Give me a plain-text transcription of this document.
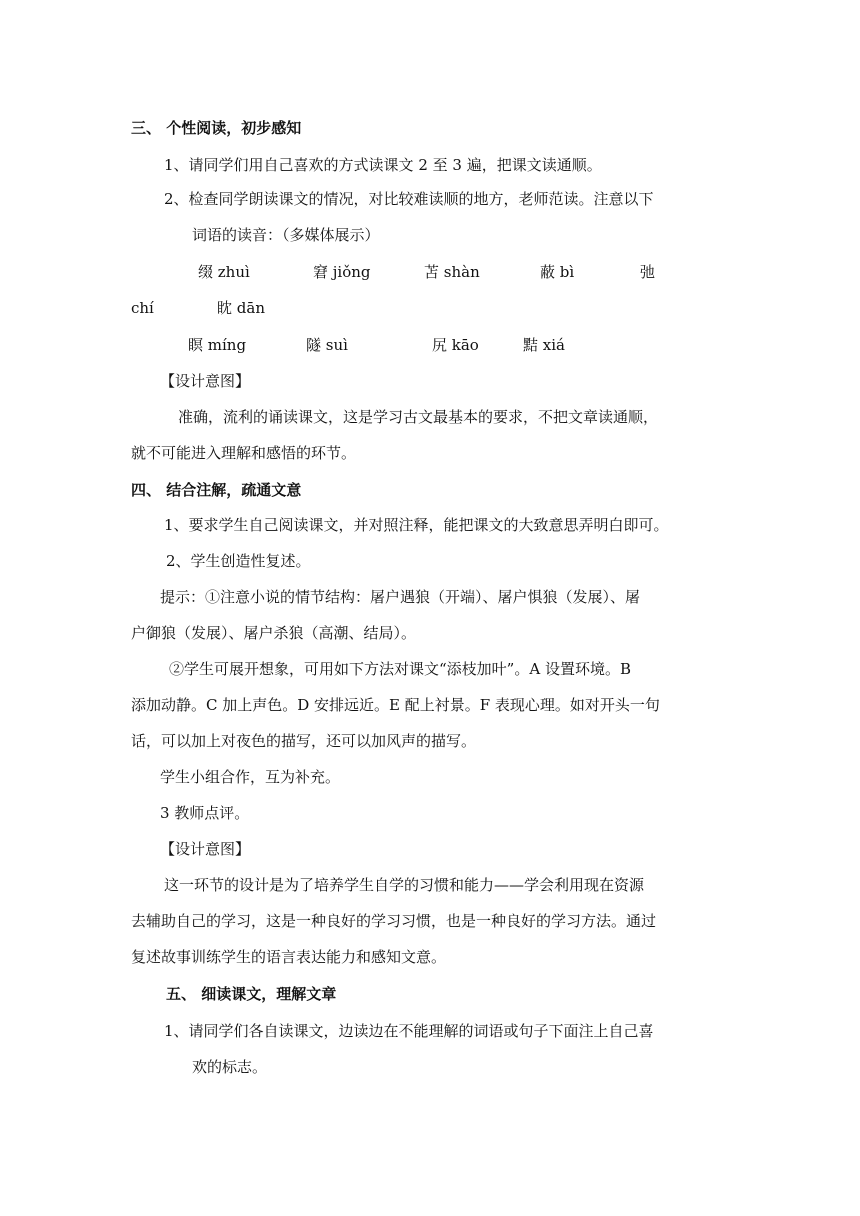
三、 个性阅读，初步感知
1、请同学们用自己喜欢的方式读课文 2 至 3 遍，把课文读通顺。
2、检查同学朗读课文的情况，对比较难读顺的地方，老师范读。注意以下
词语的读音：（多媒体展示）
缀 zhuì	窘 jiǒng	苫 shàn	蔽 bì	弛
chí	眈 dān
瞑 míng	隧 suì	尻 kāo	黠 xiá
【设计意图】
准确，流利的诵读课文，这是学习古文最基本的要求，不把文章读通顺，
就不可能进入理解和感悟的环节。
四、 结合注解，疏通文意
1、要求学生自己阅读课文，并对照注释，能把课文的大致意思弄明白即可。
2、学生创造性复述。
提示：①注意小说的情节结构：屠户遇狼（开端）、屠户惧狼（发展）、屠
户御狼（发展）、屠户杀狼（高潮、结局）。
②学生可展开想象，可用如下方法对课文“添枝加叶”。A 设置环境。B
添加动静。C 加上声色。D 安排远近。E 配上衬景。F 表现心理。如对开头一句
话，可以加上对夜色的描写，还可以加风声的描写。
学生小组合作，互为补充。
3 教师点评。
【设计意图】
这一环节的设计是为了培养学生自学的习惯和能力——学会利用现在资源
去辅助自己的学习，这是一种良好的学习习惯，也是一种良好的学习方法。通过
复述故事训练学生的语言表达能力和感知文意。
五、 细读课文，理解文章
1、请同学们各自读课文，边读边在不能理解的词语或句子下面注上自己喜
欢的标志。
